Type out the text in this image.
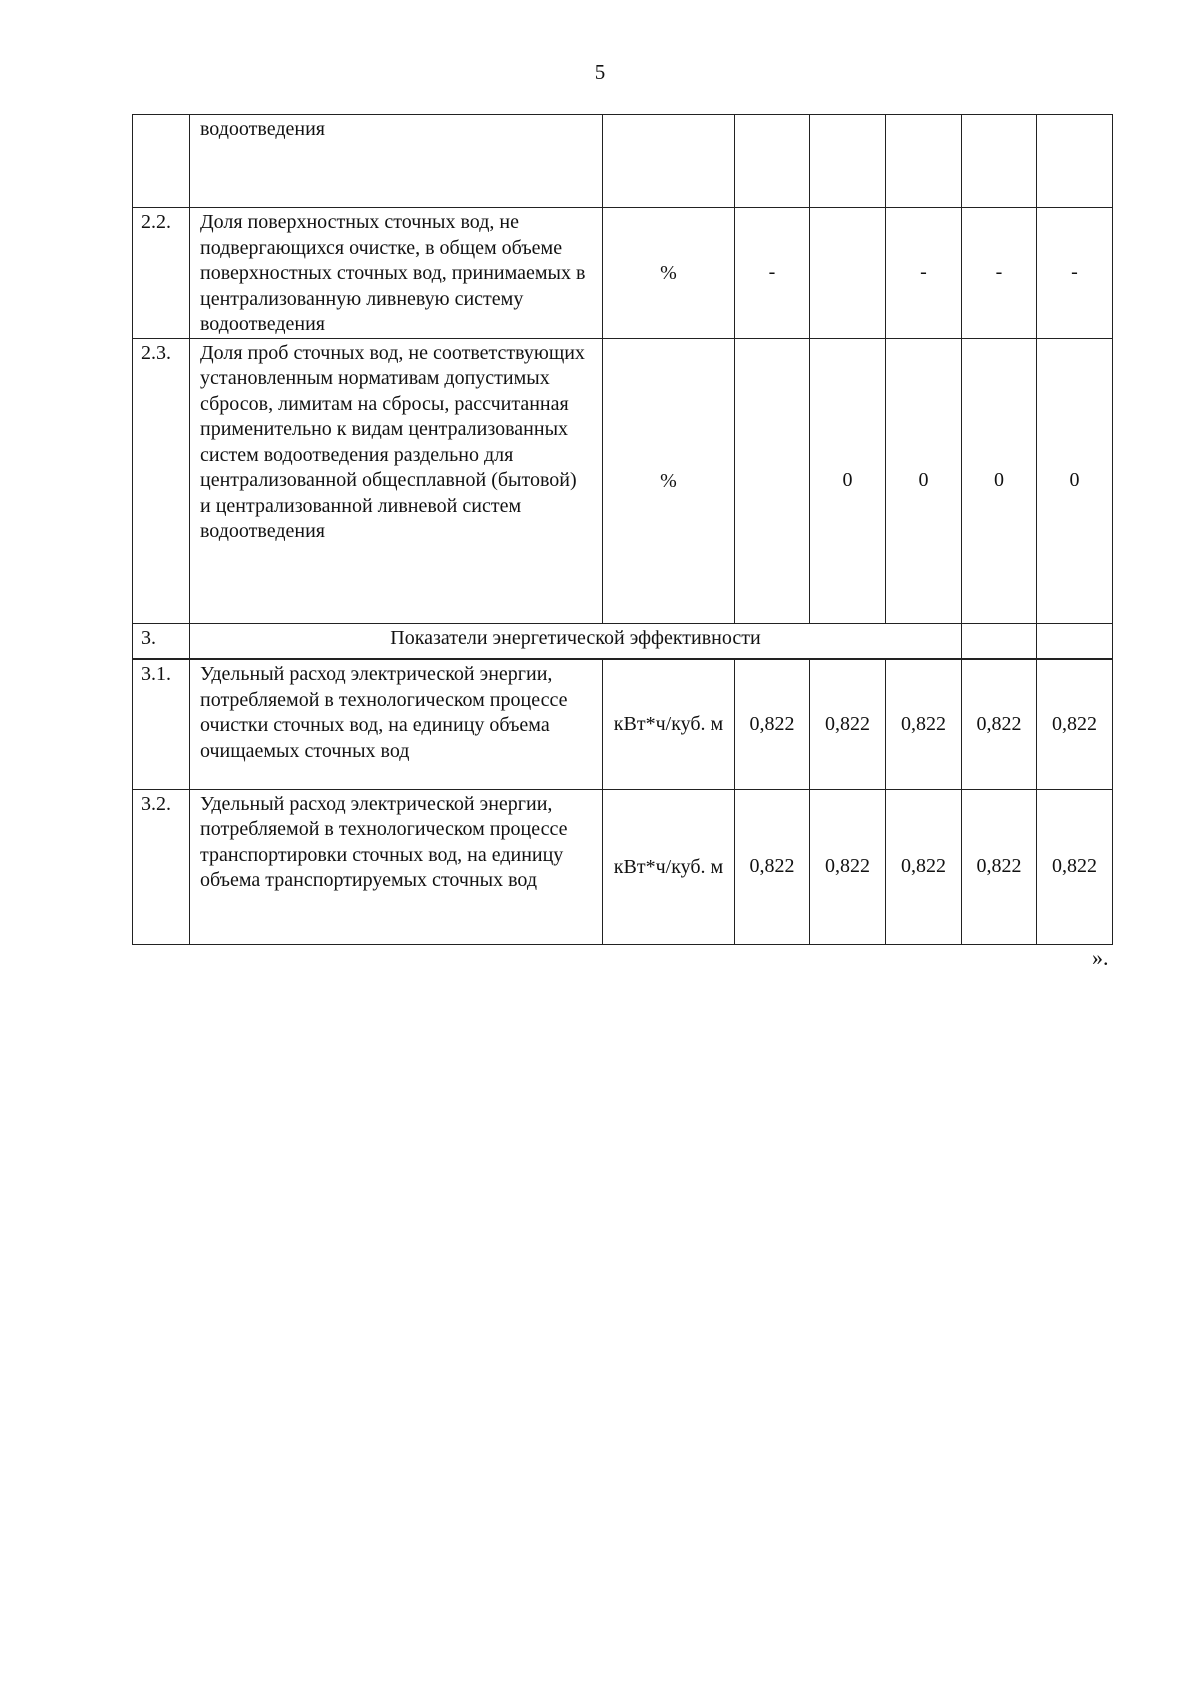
5
	водоотведения						
2.2.	Доля поверхностных сточных вод, не подвергающихся очистке, в общем объеме поверхностных сточных вод, принимаемых в централизованную ливневую систему водоотведения	%	-		-	-	-
2.3.	Доля проб сточных вод, не соответствующих установленным нормативам допустимых сбросов, лимитам на сбросы, рассчитанная применительно к видам централизованных систем водоотведения раздельно для централизованной общесплавной (бытовой) и централизованной ливневой систем водоотведения	%		0	0	0	0
3.	Показатели энергетической эффективности						
3.1.	Удельный расход электрической энергии, потребляемой в технологическом процессе очистки сточных вод, на единицу объема очищаемых сточных вод	кВт*ч/куб. м	0,822	0,822	0,822	0,822	0,822
3.2.	Удельный расход электрической энергии, потребляемой в технологическом процессе транспортировки сточных вод, на единицу объема транспортируемых сточных вод	кВт*ч/куб. м	0,822	0,822	0,822	0,822	0,822
».
